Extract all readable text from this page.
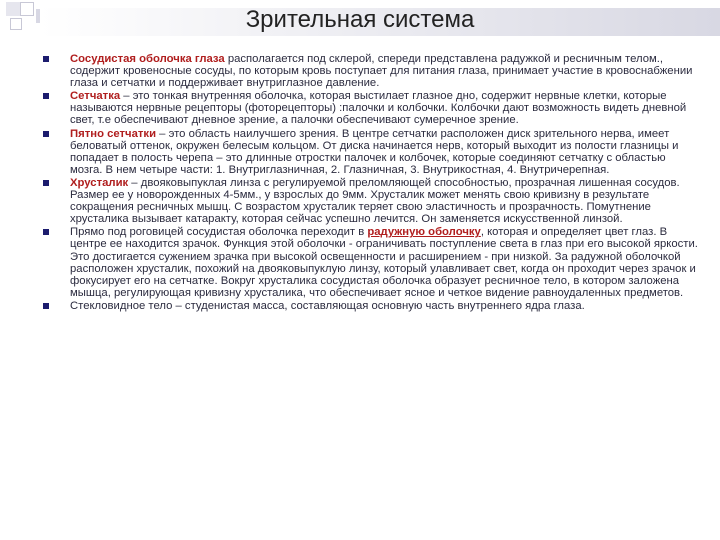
Зрительная система
Сосудистая оболочка глаза располагается под склерой, спереди представлена радужкой и ресничным телом., содержит кровеносные сосуды, по которым кровь поступает для питания глаза, принимает участие в кровоснабжении глаза и сетчатки и поддерживает внутриглазное давление.
Сетчатка – это тонкая внутренняя оболочка, которая выстилает глазное дно, содержит нервные клетки, которые называются нервные рецепторы (фоторецепторы) :палочки и колбочки. Колбочки дают возможность видеть дневной свет, т.е обеспечивают дневное зрение, а палочки обеспечивают сумеречное зрение.
Пятно сетчатки – это область наилучшего зрения. В центре сетчатки расположен диск зрительного нерва, имеет беловатый оттенок, окружен белесым кольцом. От диска начинается нерв, который выходит из полости глазницы и попадает в полость черепа – это длинные отростки палочек и колбочек, которые соединяют сетчатку с областью мозга. В нем четыре части: 1. Внутриглазничная, 2. Глазничная, 3. Внутрикостная, 4. Внутричерепная.
Хрусталик – двояковыпуклая линза с регулируемой преломляющей способностью, прозрачная лишенная сосудов. Размер ее у новорожденных 4-5мм., у взрослых до 9мм. Хрусталик может менять свою кривизну в результате сокращения ресничных мышц. С возрастом хрусталик теряет свою эластичность и прозрачность. Помутнение хрусталика вызывает катаракту, которая сейчас успешно лечится. Он заменяется искусственной линзой.
Прямо под роговицей сосудистая оболочка переходит в радужную оболочку, которая и определяет цвет глаз. В центре ее находится зрачок. Функция этой оболочки - ограничивать поступление света в глаз при его высокой яркости. Это достигается сужением зрачка при высокой освещенности и расширением - при низкой. За радужной оболочкой расположен хрусталик, похожий на двояковыпуклую линзу, который улавливает свет, когда он проходит через зрачок и фокусирует его на сетчатке. Вокруг хрусталика сосудистая оболочка образует ресничное тело, в котором заложена мышца, регулирующая кривизну хрусталика, что обеспечивает ясное и четкое видение равноудаленных предметов.
Стекловидное тело – студенистая масса, составляющая основную часть внутреннего ядра глаза.
